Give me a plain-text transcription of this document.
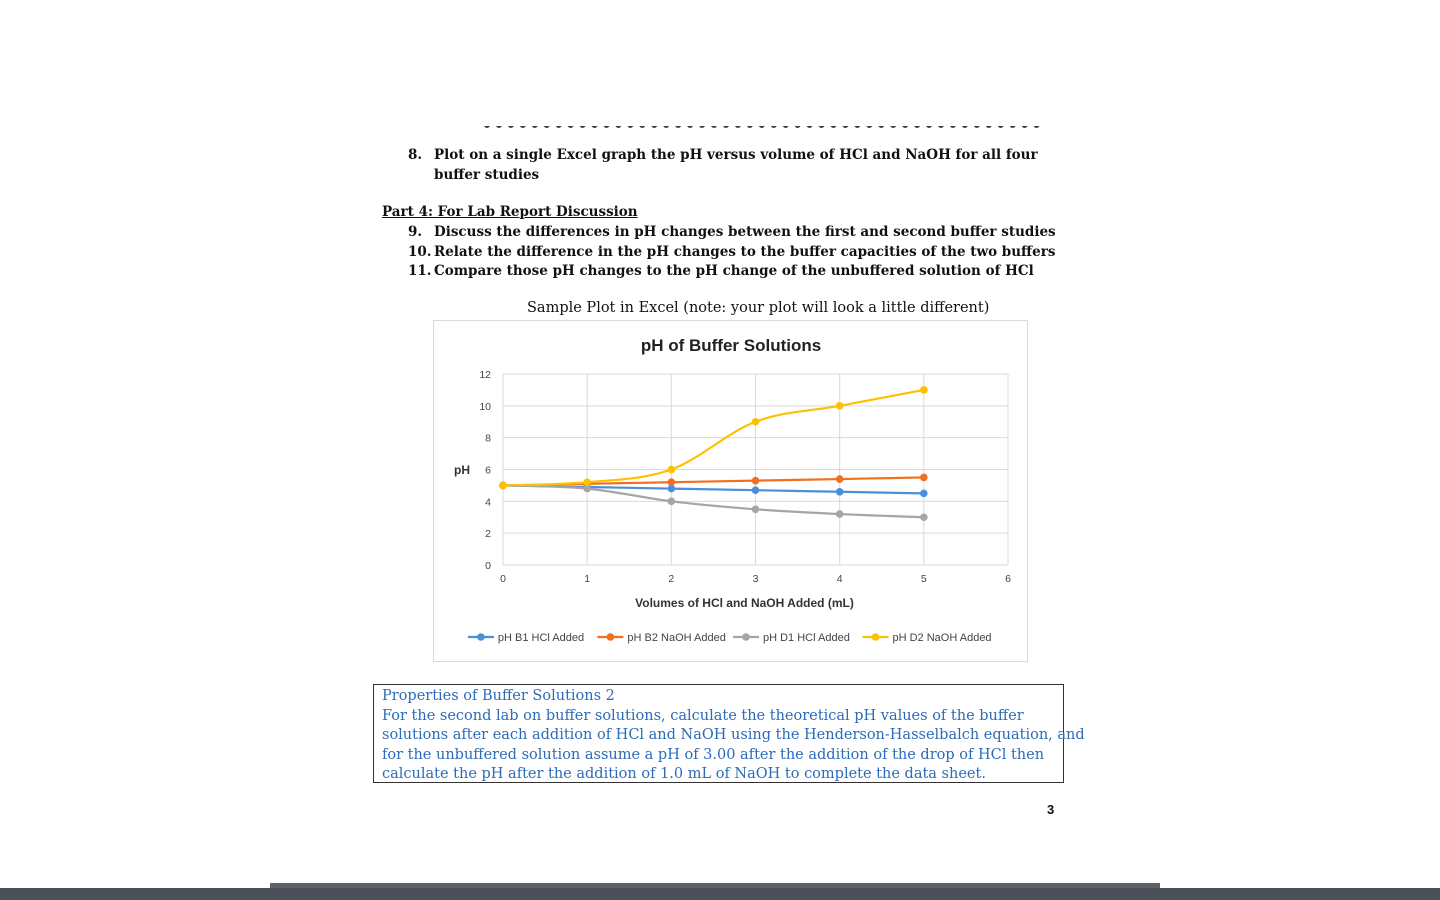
8. Plot on a single Excel graph the pH versus volume of HCl and NaOH for all four
buffer studies
Part 4: For Lab Report Discussion
9. Discuss the differences in pH changes between the first and second buffer studies
10. Relate the difference in the pH changes to the buffer capacities of the two buffers
11. Compare those pH changes to the pH change of the unbuffered solution of HCl
Sample Plot in Excel (note: your plot will look a little different)
pH of Buffer Solutions
0
2
4
6
8
10
12
0	1	2	3	4	5	6
pH
Volumes of HCl and NaOH Added (mL)
pH B1 HCl Added	pH B2 NaOH Added	pH D1 HCl Added	pH D2 NaOH Added
Properties of Buffer Solutions 2
For the second lab on buffer solutions, calculate the theoretical pH values of the buffer
solutions after each addition of HCl and NaOH using the Henderson-Hasselbalch equation, and
for the unbuffered solution assume a pH of 3.00 after the addition of the drop of HCl then
calculate the pH after the addition of 1.0 mL of NaOH to complete the data sheet.
3
